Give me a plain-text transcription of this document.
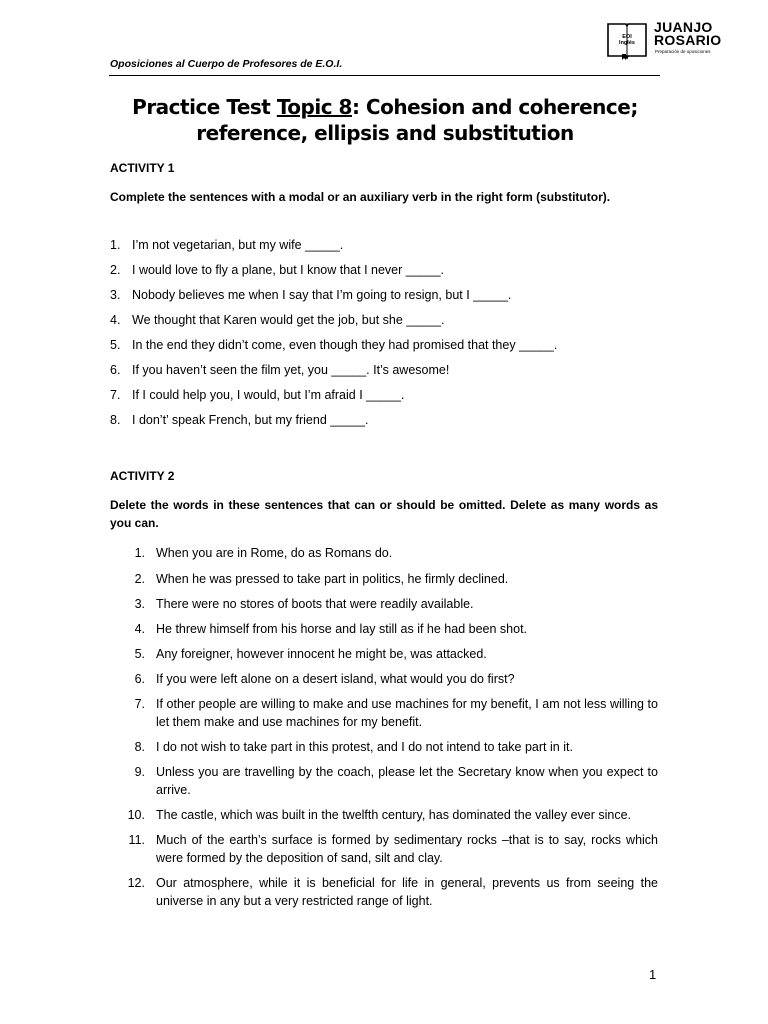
Oposiciones al Cuerpo de Profesores de E.O.I.
EOI
Inglés
JUANJO
ROSARIO
Preparación de oposiciones
Practice Test Topic 8: Cohesion and coherence;
reference, ellipsis and substitution
ACTIVITY 1
Complete the sentences with a modal or an auxiliary verb in the right form (substitutor).
1. I’m not vegetarian, but my wife _____.
2. I would love to fly a plane, but I know that I never _____.
3. Nobody believes me when I say that I’m going to resign, but I _____.
4. We thought that Karen would get the job, but she _____.
5. In the end they didn’t come, even though they had promised that they _____.
6. If you haven’t seen the film yet, you _____. It’s awesome!
7. If I could help you, I would, but I’m afraid I _____.
8. I don’t’ speak French, but my friend _____.
ACTIVITY 2
Delete the words in these sentences that can or should be omitted. Delete as many words as you can.
1. When you are in Rome, do as Romans do.
2. When he was pressed to take part in politics, he firmly declined.
3. There were no stores of boots that were readily available.
4. He threw himself from his horse and lay still as if he had been shot.
5. Any foreigner, however innocent he might be, was attacked.
6. If you were left alone on a desert island, what would you do first?
7. If other people are willing to make and use machines for my benefit, I am not less willing to let them make and use machines for my benefit.
8. I do not wish to take part in this protest, and I do not intend to take part in it.
9. Unless you are travelling by the coach, please let the Secretary know when you expect to arrive.
10. The castle, which was built in the twelfth century, has dominated the valley ever since.
11. Much of the earth’s surface is formed by sedimentary rocks –that is to say, rocks which were formed by the deposition of sand, silt and clay.
12. Our atmosphere, while it is beneficial for life in general, prevents us from seeing the universe in any but a very restricted range of light.
1
